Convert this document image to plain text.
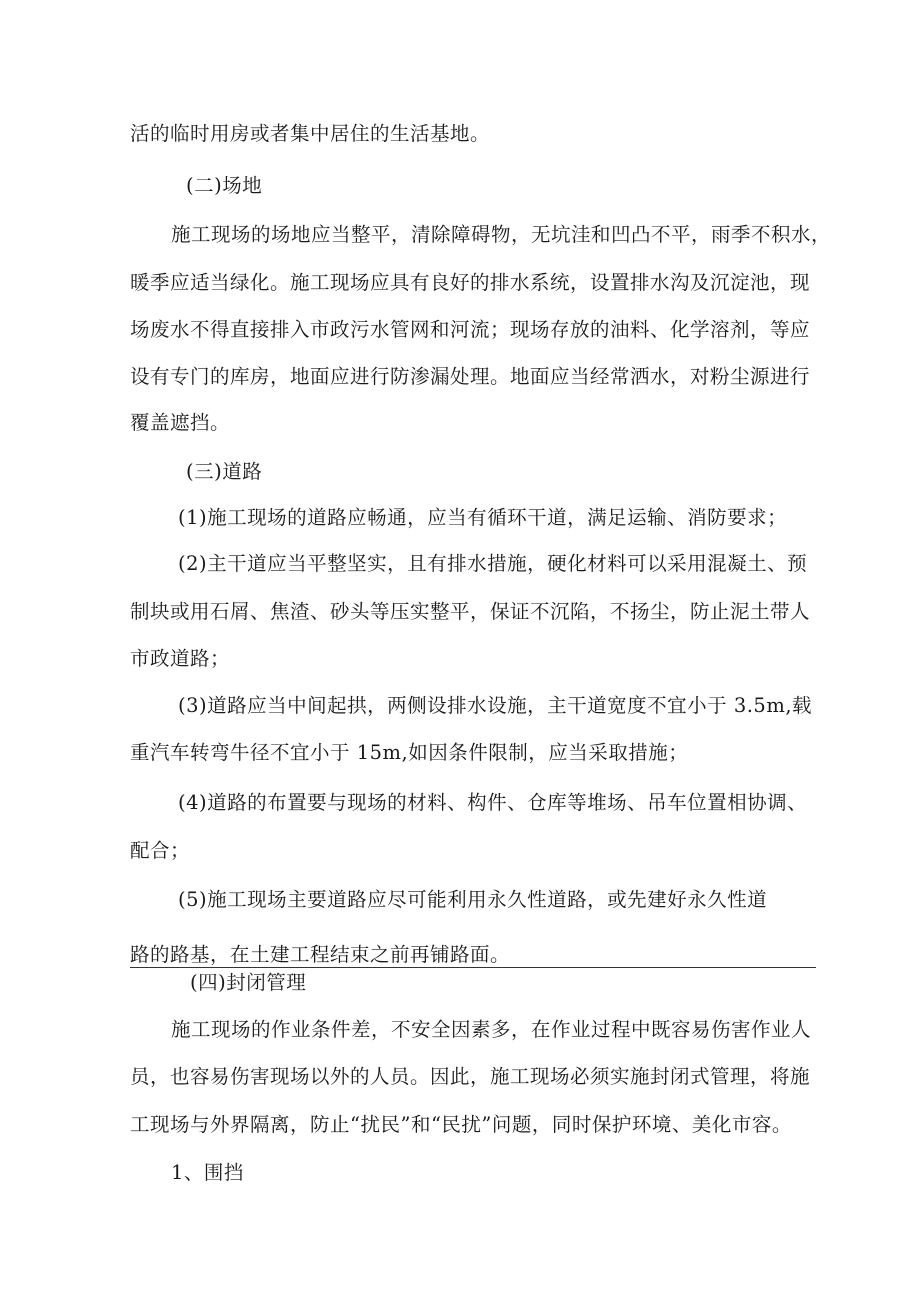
活的临时用房或者集中居住的生活基地。
(二)场地
施工现场的场地应当整平，清除障碍物，无坑洼和凹凸不平，雨季不积水，
暖季应适当绿化。施工现场应具有良好的排水系统，设置排水沟及沉淀池，现
场废水不得直接排入市政污水管网和河流；现场存放的油料、化学溶剂，等应
设有专门的库房，地面应进行防渗漏处理。地面应当经常洒水，对粉尘源进行
覆盖遮挡。
(三)道路
(1)施工现场的道路应畅通，应当有循环干道，满足运输、消防要求；
(2)主干道应当平整坚实，且有排水措施，硬化材料可以采用混凝土、预
制块或用石屑、焦渣、砂头等压实整平，保证不沉陷，不扬尘，防止泥土带人
市政道路；
(3)道路应当中间起拱，两侧设排水设施，主干道宽度不宜小于 3.5m,载
重汽车转弯牛径不宜小于 15m,如因条件限制，应当采取措施；
(4)道路的布置要与现场的材料、构件、仓库等堆场、吊车位置相协调、
配合；
(5)施工现场主要道路应尽可能利用永久性道路，或先建好永久性道
路的路基，在土建工程结束之前再铺路面。
(四)封闭管理
施工现场的作业条件差，不安全因素多，在作业过程中既容易伤害作业人
员，也容易伤害现场以外的人员。因此，施工现场必须实施封闭式管理，将施
工现场与外界隔离，防止“扰民”和“民扰”问题，同时保护环境、美化市容。
1、围挡
